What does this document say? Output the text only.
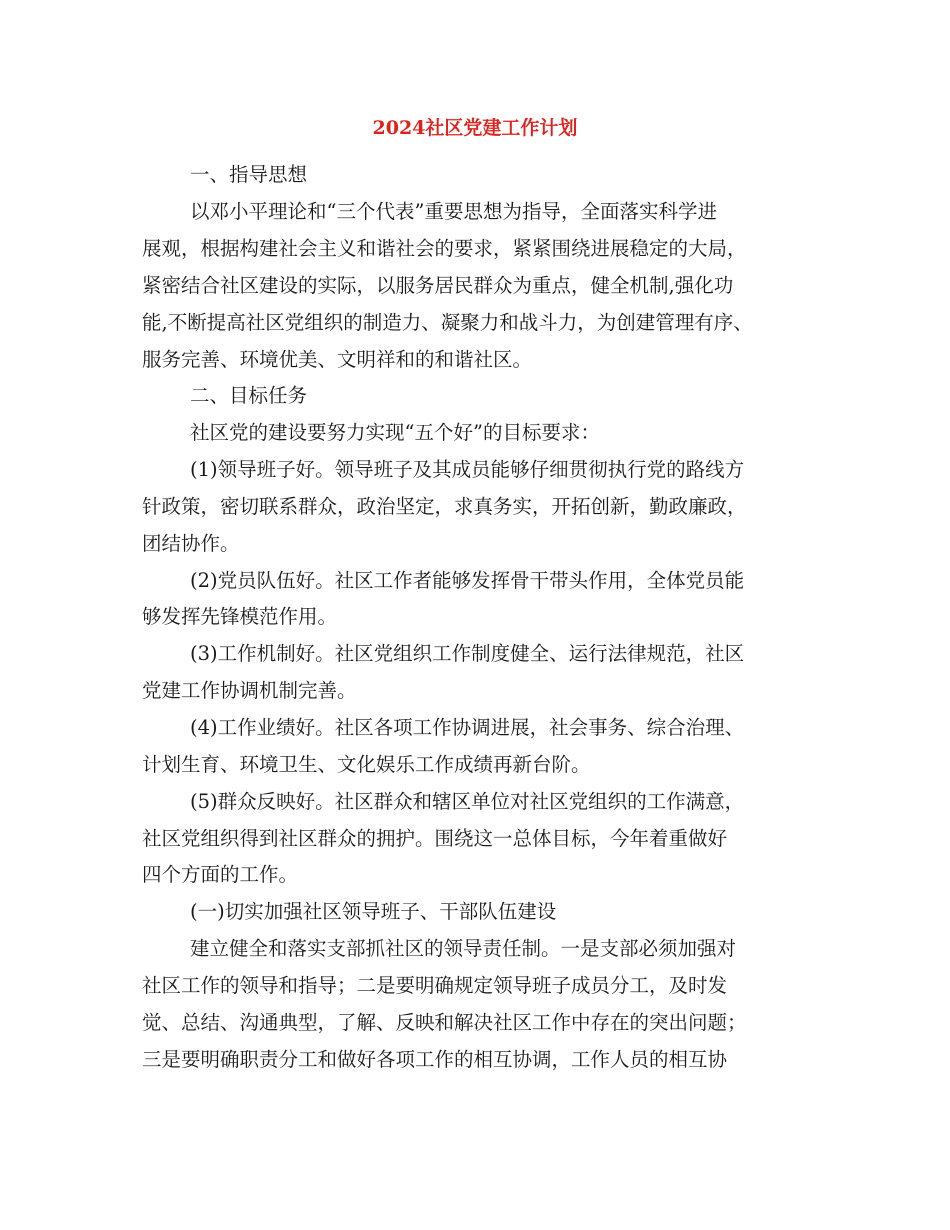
2024社区党建工作计划

一、指导思想

以邓小平理论和“三个代表”重要思想为指导，全面落实科学进

展观，根据构建社会主义和谐社会的要求，紧紧围绕进展稳定的大局，

紧密结合社区建设的实际，以服务居民群众为重点，健全机制,强化功

能,不断提高社区党组织的制造力、凝聚力和战斗力，为创建管理有序、

服务完善、环境优美、文明祥和的和谐社区。

二、目标任务

社区党的建设要努力实现“五个好”的目标要求：

(1)领导班子好。领导班子及其成员能够仔细贯彻执行党的路线方

针政策，密切联系群众，政治坚定，求真务实，开拓创新，勤政廉政，

团结协作。

(2)党员队伍好。社区工作者能够发挥骨干带头作用，全体党员能

够发挥先锋模范作用。

(3)工作机制好。社区党组织工作制度健全、运行法律规范，社区

党建工作协调机制完善。

(4)工作业绩好。社区各项工作协调进展，社会事务、综合治理、

计划生育、环境卫生、文化娱乐工作成绩再新台阶。

(5)群众反映好。社区群众和辖区单位对社区党组织的工作满意，

社区党组织得到社区群众的拥护。围绕这一总体目标，今年着重做好

四个方面的工作。

(一)切实加强社区领导班子、干部队伍建设

建立健全和落实支部抓社区的领导责任制。一是支部必须加强对

社区工作的领导和指导；二是要明确规定领导班子成员分工，及时发

觉、总结、沟通典型，了解、反映和解决社区工作中存在的突出问题；

三是要明确职责分工和做好各项工作的相互协调，工作人员的相互协
